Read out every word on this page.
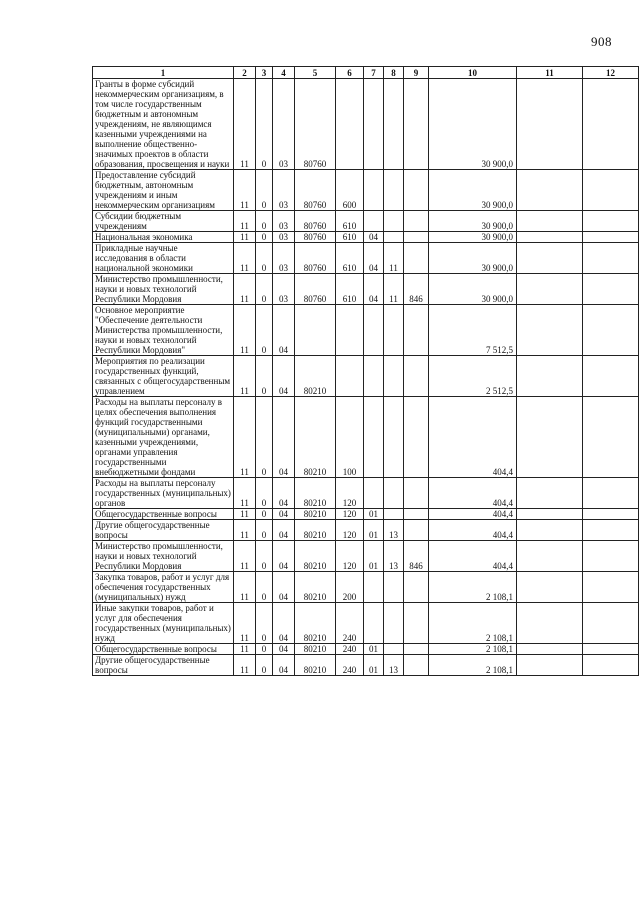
908
1	2	3	4	5	6	7	8	9	10	11	12
Гранты в форме субсидий некоммерческим организациям, в том числе государственным бюджетным и автономным учреждениям, не являющимся казенными учреждениями на выполнение общественно-значимых проектов в области образования, просвещения и науки	11	0	03	80760					30 900,0		
Предоставление субсидий бюджетным, автономным учреждениям и иным некоммерческим организациям	11	0	03	80760	600				30 900,0		
Субсидии бюджетным учреждениям	11	0	03	80760	610				30 900,0		
Национальная экономика	11	0	03	80760	610	04			30 900,0		
Прикладные научные исследования в области национальной экономики	11	0	03	80760	610	04	11		30 900,0		
Министерство промышленности, науки и новых технологий Республики Мордовия	11	0	03	80760	610	04	11	846	30 900,0		
Основное мероприятие "Обеспечение деятельности Министерства промышленности, науки и новых технологий Республики Мордовия"	11	0	04						7 512,5		
Мероприятия по реализации государственных функций, связанных с общегосударственным управлением	11	0	04	80210					2 512,5		
Расходы на выплаты персоналу в целях обеспечения выполнения функций государственными (муниципальными) органами, казенными учреждениями, органами управления государственными внебюджетными фондами	11	0	04	80210	100				404,4		
Расходы на выплаты персоналу государственных (муниципальных) органов	11	0	04	80210	120				404,4		
Общегосударственные вопросы	11	0	04	80210	120	01			404,4		
Другие общегосударственные вопросы	11	0	04	80210	120	01	13		404,4		
Министерство промышленности, науки и новых технологий Республики Мордовия	11	0	04	80210	120	01	13	846	404,4		
Закупка товаров, работ и услуг для обеспечения государственных (муниципальных) нужд	11	0	04	80210	200				2 108,1		
Иные закупки товаров, работ и услуг для обеспечения государственных (муниципальных) нужд	11	0	04	80210	240				2 108,1		
Общегосударственные вопросы	11	0	04	80210	240	01			2 108,1		
Другие общегосударственные вопросы	11	0	04	80210	240	01	13		2 108,1		
